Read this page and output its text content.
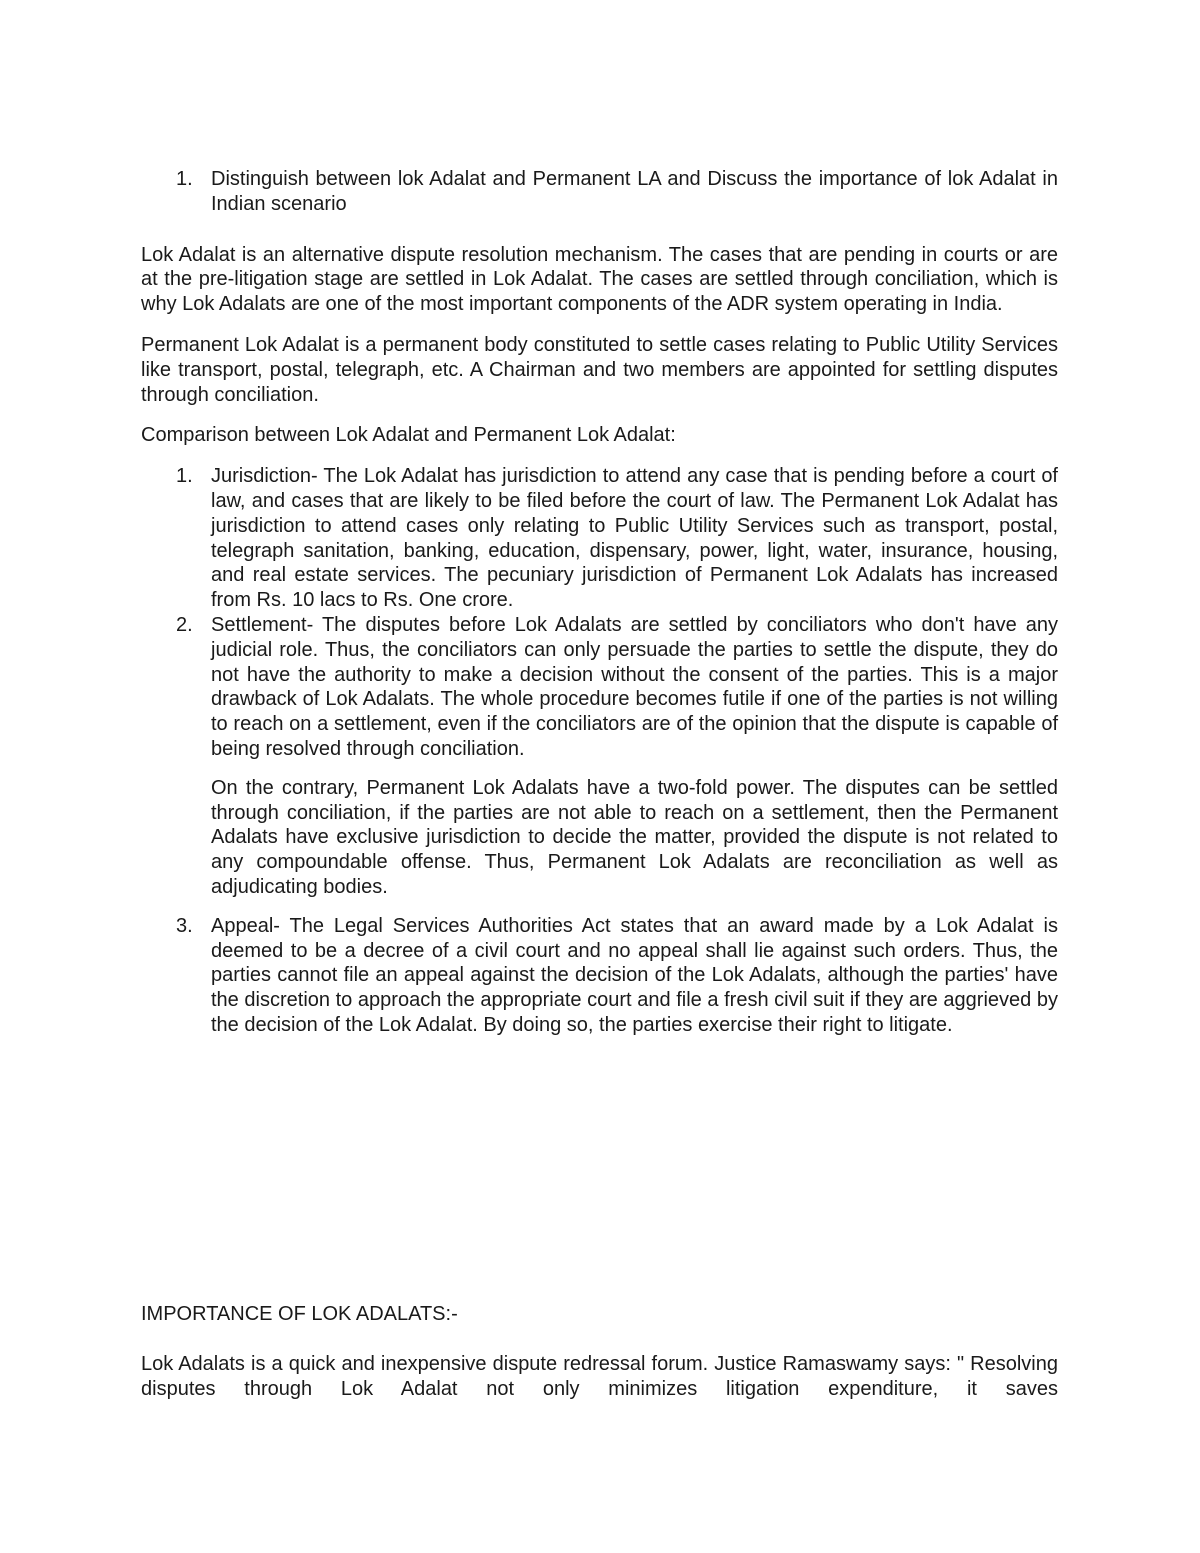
1. Distinguish between lok Adalat and Permanent LA and Discuss the importance of lok Adalat in Indian scenario

Lok Adalat is an alternative dispute resolution mechanism. The cases that are pending in courts or are at the pre-litigation stage are settled in Lok Adalat. The cases are settled through conciliation, which is why Lok Adalats are one of the most important components of the ADR system operating in India.

Permanent Lok Adalat is a permanent body constituted to settle cases relating to Public Utility Services like transport, postal, telegraph, etc. A Chairman and two members are appointed for settling disputes through conciliation.

Comparison between Lok Adalat and Permanent Lok Adalat:

1. Jurisdiction- The Lok Adalat has jurisdiction to attend any case that is pending before a court of law, and cases that are likely to be filed before the court of law. The Permanent Lok Adalat has jurisdiction to attend cases only relating to Public Utility Services such as transport, postal, telegraph sanitation, banking, education, dispensary, power, light, water, insurance, housing, and real estate services. The pecuniary jurisdiction of Permanent Lok Adalats has increased from Rs. 10 lacs to Rs. One crore.

2. Settlement- The disputes before Lok Adalats are settled by conciliators who don't have any judicial role. Thus, the conciliators can only persuade the parties to settle the dispute, they do not have the authority to make a decision without the consent of the parties. This is a major drawback of Lok Adalats. The whole procedure becomes futile if one of the parties is not willing to reach on a settlement, even if the conciliators are of the opinion that the dispute is capable of being resolved through conciliation.

On the contrary, Permanent Lok Adalats have a two-fold power. The disputes can be settled through conciliation, if the parties are not able to reach on a settlement, then the Permanent Adalats have exclusive jurisdiction to decide the matter, provided the dispute is not related to any compoundable offense. Thus, Permanent Lok Adalats are reconciliation as well as adjudicating bodies.

3. Appeal- The Legal Services Authorities Act states that an award made by a Lok Adalat is deemed to be a decree of a civil court and no appeal shall lie against such orders. Thus, the parties cannot file an appeal against the decision of the Lok Adalats, although the parties' have the discretion to approach the appropriate court and file a fresh civil suit if they are aggrieved by the decision of the Lok Adalat. By doing so, the parties exercise their right to litigate.

IMPORTANCE OF LOK ADALATS:-

Lok Adalats is a quick and inexpensive dispute redressal forum. Justice Ramaswamy says: " Resolving disputes through Lok Adalat not only minimizes litigation expenditure, it saves
